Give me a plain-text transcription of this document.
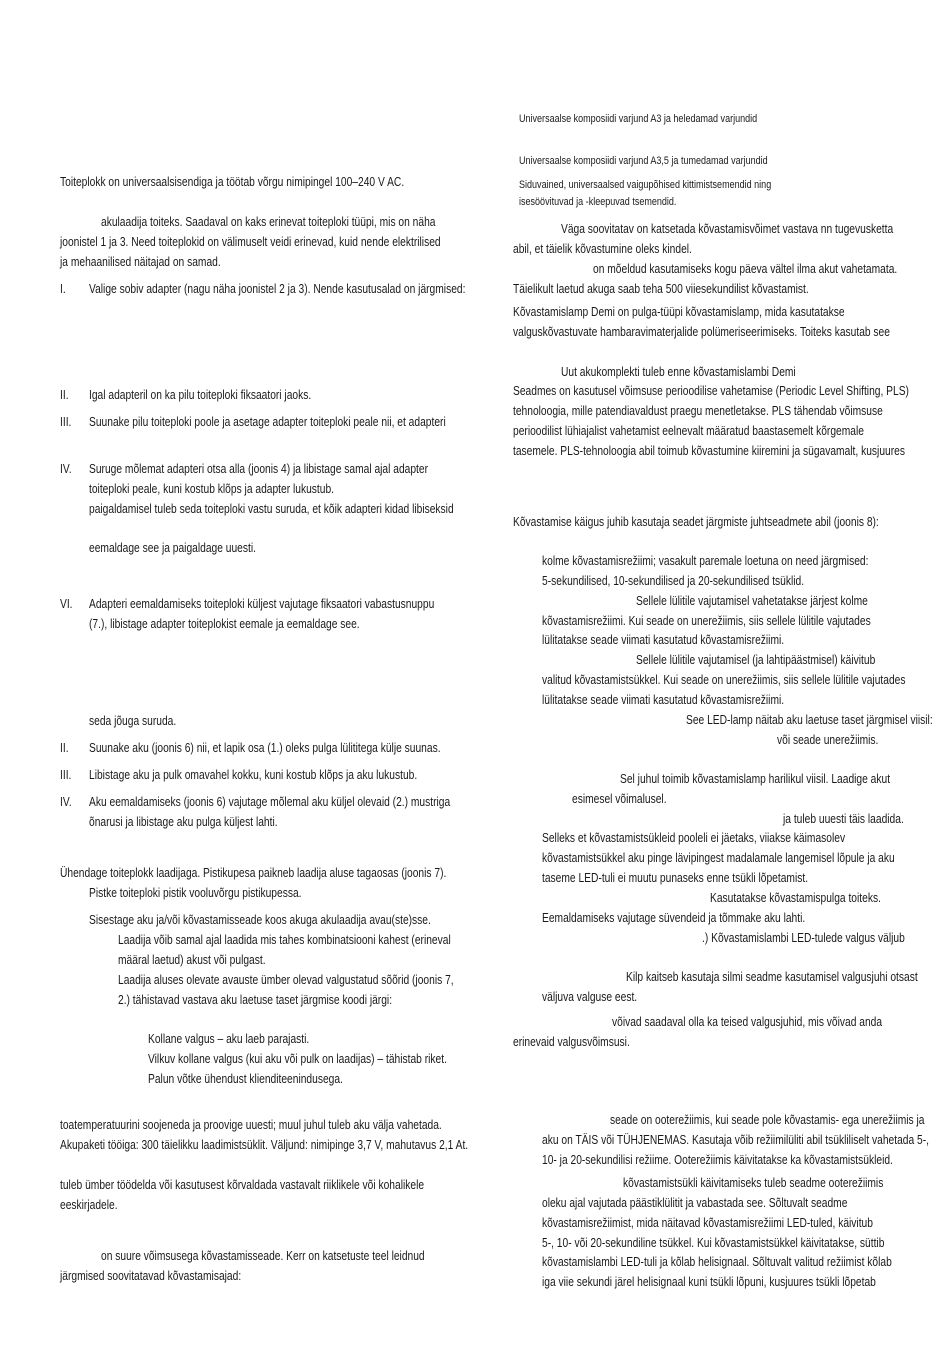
Toiteplokk on universaalsisendiga ja töötab võrgu nimipingel 100–240 V AC.
akulaadija toiteks. Saadaval on kaks erinevat toiteploki tüüpi, mis on näha
joonistel 1 ja 3. Need toiteplokid on välimuselt veidi erinevad, kuid nende elektrilised
ja mehaanilised näitajad on samad.
I. Valige sobiv adapter (nagu näha joonistel 2 ja 3). Nende kasutusalad on järgmised:
II. Igal adapteril on ka pilu toiteploki fiksaatori jaoks.
III. Suunake pilu toiteploki poole ja asetage adapter toiteploki peale nii, et adapteri
IV. Suruge mõlemat adapteri otsa alla (joonis 4) ja libistage samal ajal adapter
toiteploki peale, kuni kostub klõps ja adapter lukustub.
paigaldamisel tuleb seda toiteploki vastu suruda, et kõik adapteri kidad libiseksid
eemaldage see ja paigaldage uuesti.
VI. Adapteri eemaldamiseks toiteploki küljest vajutage fiksaatori vabastusnuppu
(7.), libistage adapter toiteplokist eemale ja eemaldage see.
seda jõuga suruda.
II. Suunake aku (joonis 6) nii, et lapik osa (1.) oleks pulga lülititega külje suunas.
III. Libistage aku ja pulk omavahel kokku, kuni kostub klõps ja aku lukustub.
IV. Aku eemaldamiseks (joonis 6) vajutage mõlemal aku küljel olevaid (2.) mustriga
õnarusi ja libistage aku pulga küljest lahti.
Ühendage toiteplokk laadijaga. Pistikupesa paikneb laadija aluse tagaosas (joonis 7).
Pistke toiteploki pistik vooluvõrgu pistikupessa.
Sisestage aku ja/või kõvastamisseade koos akuga akulaadija avau(ste)sse.
Laadija võib samal ajal laadida mis tahes kombinatsiooni kahest (erineval
määral laetud) akust või pulgast.
Laadija aluses olevate avauste ümber olevad valgustatud sõõrid (joonis 7,
2.) tähistavad vastava aku laetuse taset järgmise koodi järgi:
Kollane valgus – aku laeb parajasti.
Vilkuv kollane valgus (kui aku või pulk on laadijas) – tähistab riket.
Palun võtke ühendust klienditeenindusega.
toatemperatuurini soojeneda ja proovige uuesti; muul juhul tuleb aku välja vahetada.
Akupaketi tööiga: 300 täielikku laadimistsüklit. Väljund: nimipinge 3,7 V, mahutavus 2,1 At.
tuleb ümber töödelda või kasutusest kõrvaldada vastavalt riiklikele või kohalikele
eeskirjadele.
on suure võimsusega kõvastamisseade. Kerr on katsetuste teel leidnud
järgmised soovitatavad kõvastamisajad:
Universaalse komposiidi varjund A3 ja heledamad varjundid
Universaalse komposiidi varjund A3,5 ja tumedamad varjundid
Siduvained, universaalsed vaigupõhised kittimistsemendid ning
isesöövituvad ja -kleepuvad tsemendid.
Väga soovitatav on katsetada kõvastamisvõimet vastava nn tugevusketta
abil, et täielik kõvastumine oleks kindel.
on mõeldud kasutamiseks kogu päeva vältel ilma akut vahetamata.
Täielikult laetud akuga saab teha 500 viiesekundilist kõvastamist.
Kõvastamislamp Demi on pulga-tüüpi kõvastamislamp, mida kasutatakse
valguskõvastuvate hambaravimaterjalide polümeriseerimiseks. Toiteks kasutab see
Uut akukomplekti tuleb enne kõvastamislambi Demi
Seadmes on kasutusel võimsuse perioodilise vahetamise (Periodic Level Shifting, PLS)
tehnoloogia, mille patendiavaldust praegu menetletakse. PLS tähendab võimsuse
perioodilist lühiajalist vahetamist eelnevalt määratud baastasemelt kõrgemale
tasemele. PLS-tehnoloogia abil toimub kõvastumine kiiremini ja sügavamalt, kusjuures
Kõvastamise käigus juhib kasutaja seadet järgmiste juhtseadmete abil (joonis 8):
kolme kõvastamisrežiimi; vasakult paremale loetuna on need järgmised:
5-sekundilised, 10-sekundilised ja 20-sekundilised tsüklid.
Sellele lülitile vajutamisel vahetatakse järjest kolme
kõvastamisrežiimi. Kui seade on unerežiimis, siis sellele lülitile vajutades
lülitatakse seade viimati kasutatud kõvastamisrežiimi.
Sellele lülitile vajutamisel (ja lahtipäästmisel) käivitub
valitud kõvastamistsükkel. Kui seade on unerežiimis, siis sellele lülitile vajutades
lülitatakse seade viimati kasutatud kõvastamisrežiimi.
See LED-lamp näitab aku laetuse taset järgmisel viisil:
või seade unerežiimis.
Sel juhul toimib kõvastamislamp harilikul viisil. Laadige akut
esimesel võimalusel.
ja tuleb uuesti täis laadida.
Selleks et kõvastamistsükleid pooleli ei jäetaks, viiakse käimasolev
kõvastamistsükkel aku pinge lävipingest madalamale langemisel lõpule ja aku
taseme LED-tuli ei muutu punaseks enne tsükli lõpetamist.
Kasutatakse kõvastamispulga toiteks.
Eemaldamiseks vajutage süvendeid ja tõmmake aku lahti.
.) Kõvastamislambi LED-tulede valgus väljub
Kilp kaitseb kasutaja silmi seadme kasutamisel valgusjuhi otsast
väljuva valguse eest.
võivad saadaval olla ka teised valgusjuhid, mis võivad anda
erinevaid valgusvõimsusi.
seade on ooterežiimis, kui seade pole kõvastamis- ega unerežiimis ja
aku on TÄIS või TÜHJENEMAS. Kasutaja võib režiimilüliti abil tsükliliselt vahetada 5-,
10- ja 20-sekundilisi režiime. Ooterežiimis käivitatakse ka kõvastamistsükleid.
kõvastamistsükli käivitamiseks tuleb seadme ooterežiimis
oleku ajal vajutada päästiklülitit ja vabastada see. Sõltuvalt seadme
kõvastamisrežiimist, mida näitavad kõvastamisrežiimi LED-tuled, käivitub
5-, 10- või 20-sekundiline tsükkel. Kui kõvastamistsükkel käivitatakse, süttib
kõvastamislambi LED-tuli ja kõlab helisignaal. Sõltuvalt valitud režiimist kõlab
iga viie sekundi järel helisignaal kuni tsükli lõpuni, kusjuures tsükli lõpetab
